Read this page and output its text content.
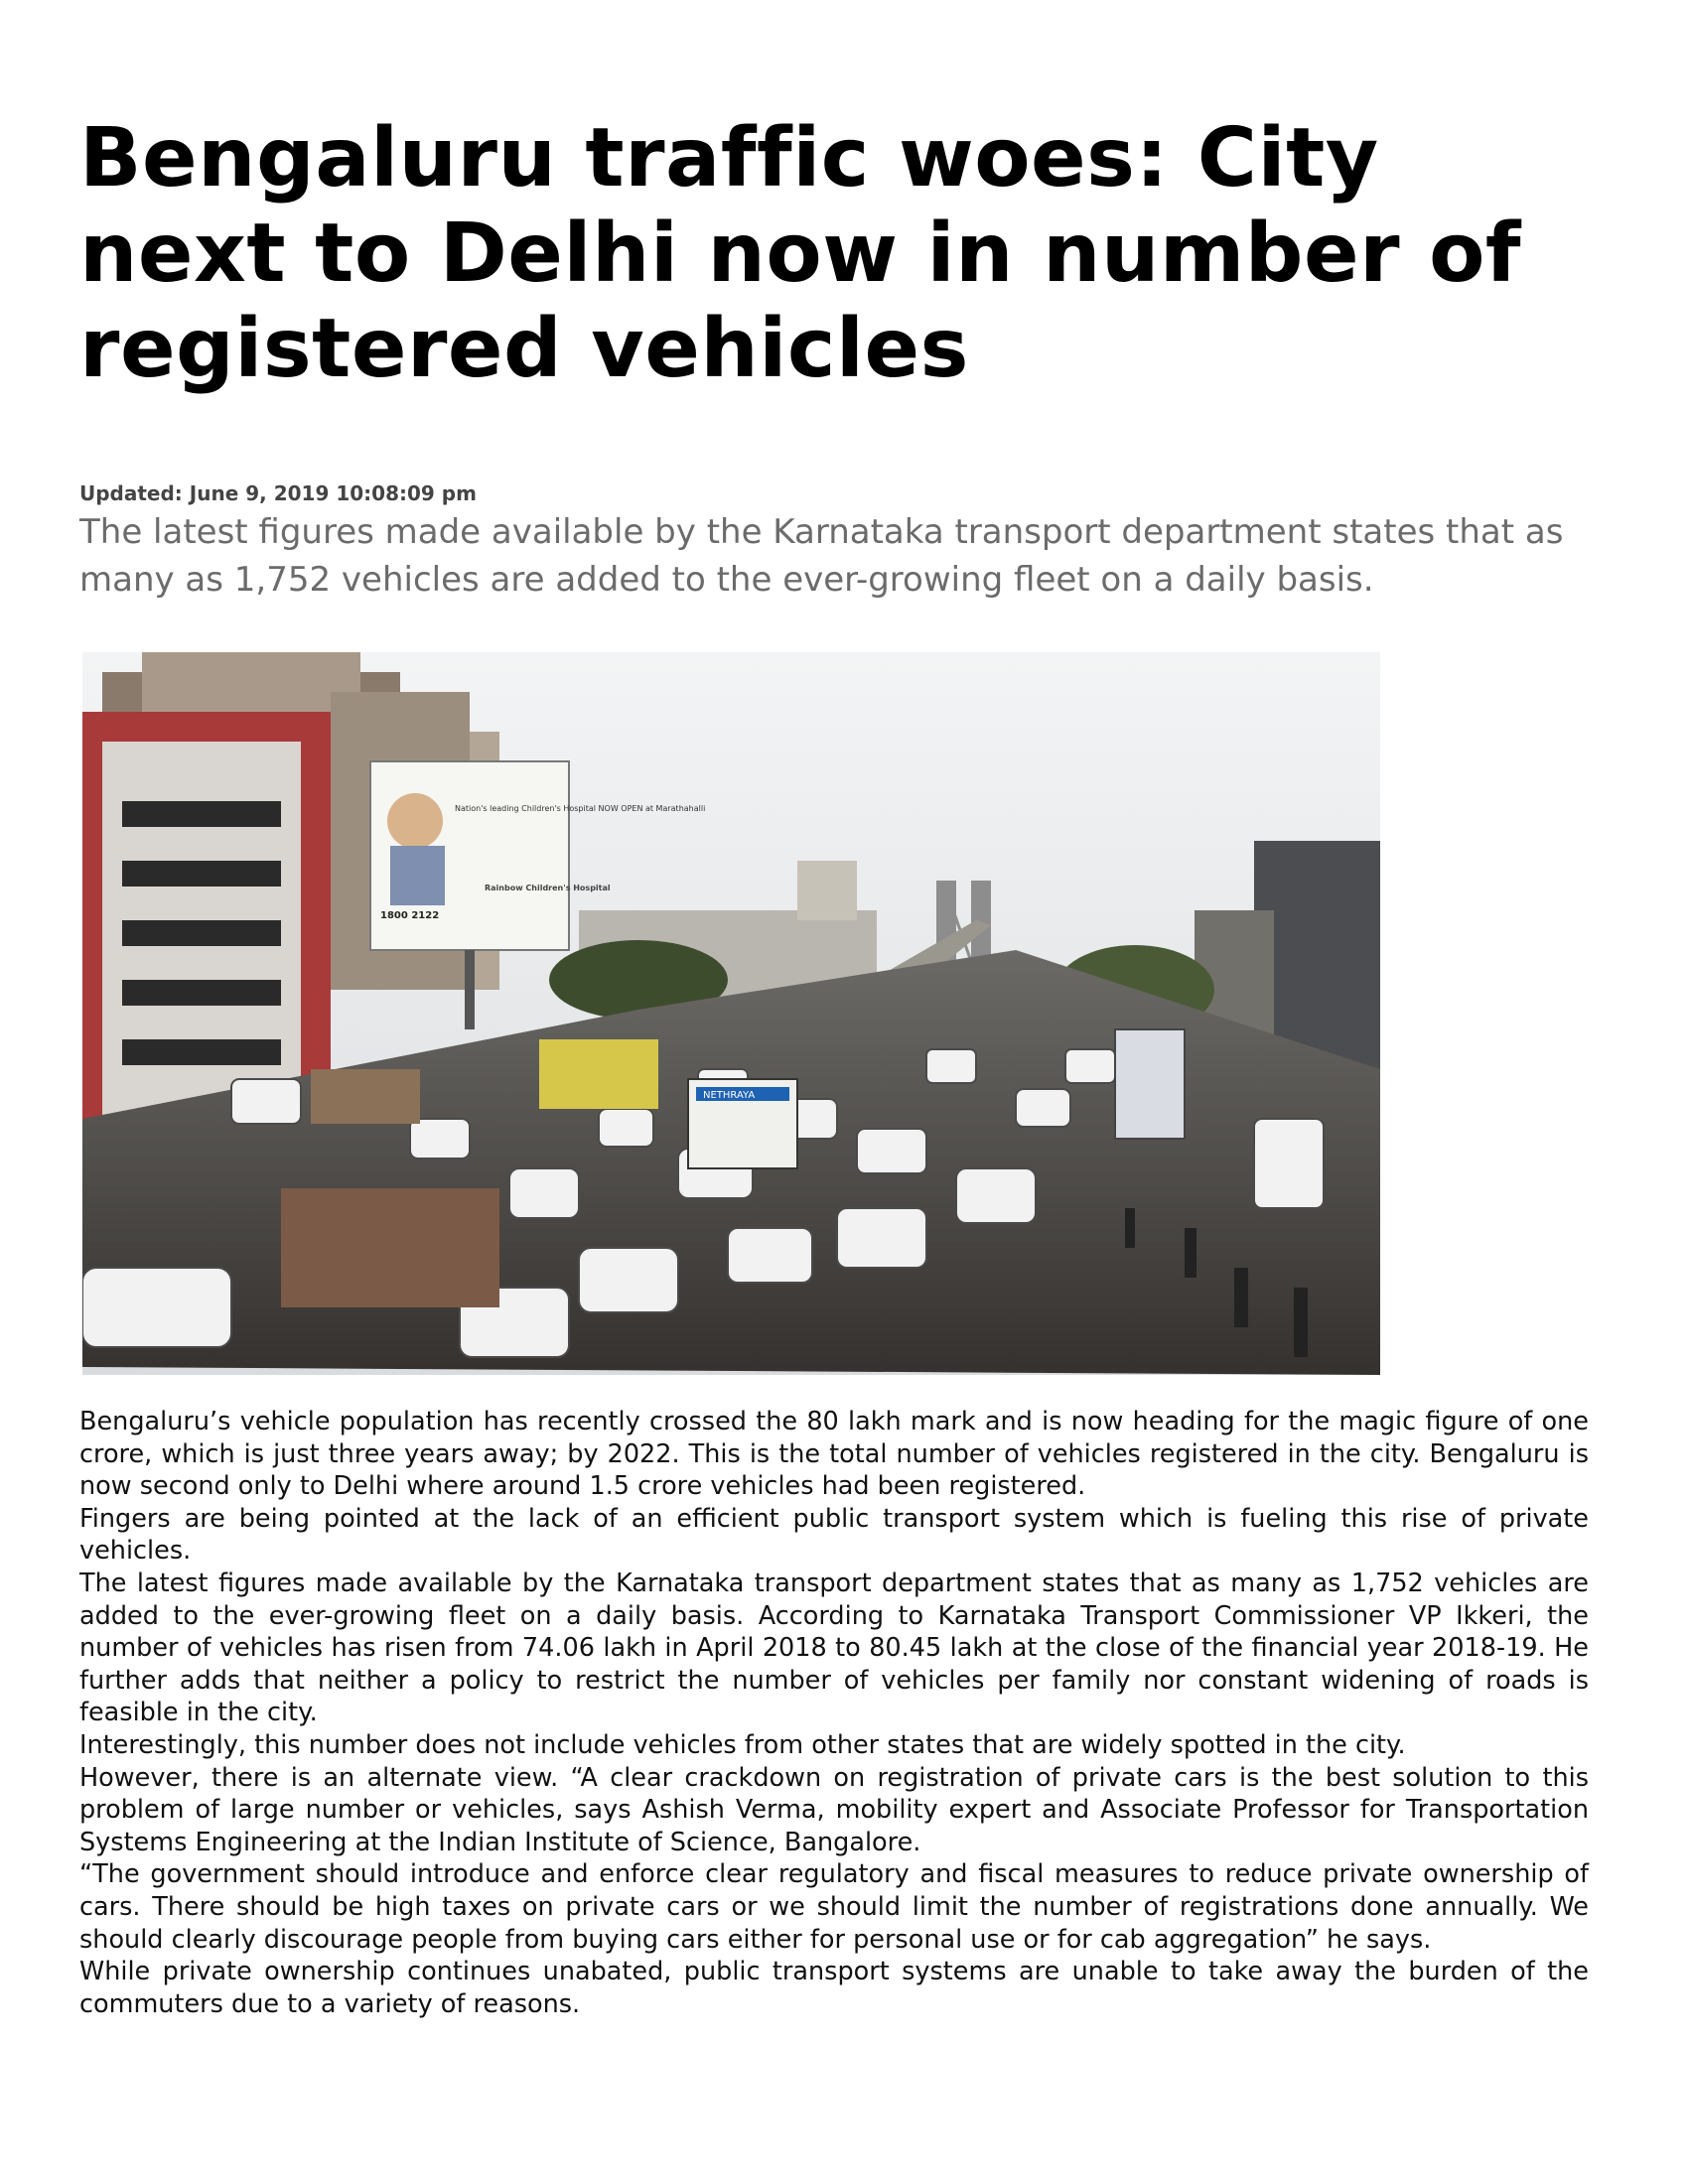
Bengaluru traffic woes: City next to Delhi now in number of registered vehicles
Updated: June 9, 2019 10:08:09 pm
The latest figures made available by the Karnataka transport department states that as many as 1,752 vehicles are added to the ever-growing fleet on a daily basis.
Nation's leading Children's Hospital NOW OPEN at Marathahalli
1800 2122
Rainbow Children's Hospital
NETHRAYA

Bengaluru’s vehicle population has recently crossed the 80 lakh mark and is now heading for the magic figure of one crore, which is just three years away; by 2022. This is the total number of vehicles registered in the city. Bengaluru is now second only to Delhi where around 1.5 crore vehicles had been registered.

Fingers are being pointed at the lack of an efficient public transport system which is fueling this rise of private vehicles.

The latest figures made available by the Karnataka transport department states that as many as 1,752 vehicles are added to the ever-growing fleet on a daily basis. According to Karnataka Transport Commissioner VP Ikkeri, the number of vehicles has risen from 74.06 lakh in April 2018 to 80.45 lakh at the close of the financial year 2018-19. He further adds that neither a policy to restrict the number of vehicles per family nor constant widening of roads is feasible in the city.

Interestingly, this number does not include vehicles from other states that are widely spotted in the city.

However, there is an alternate view. “A clear crackdown on registration of private cars is the best solution to this problem of large number or vehicles, says Ashish Verma, mobility expert and Associate Professor for Transportation Systems Engineering at the Indian Institute of Science, Bangalore.

“The government should introduce and enforce clear regulatory and fiscal measures to reduce private ownership of cars. There should be high taxes on private cars or we should limit the number of registrations done annually. We should clearly discourage people from buying cars either for personal use or for cab aggregation” he says.

While private ownership continues unabated, public transport systems are unable to take away the burden of the commuters due to a variety of reasons.
